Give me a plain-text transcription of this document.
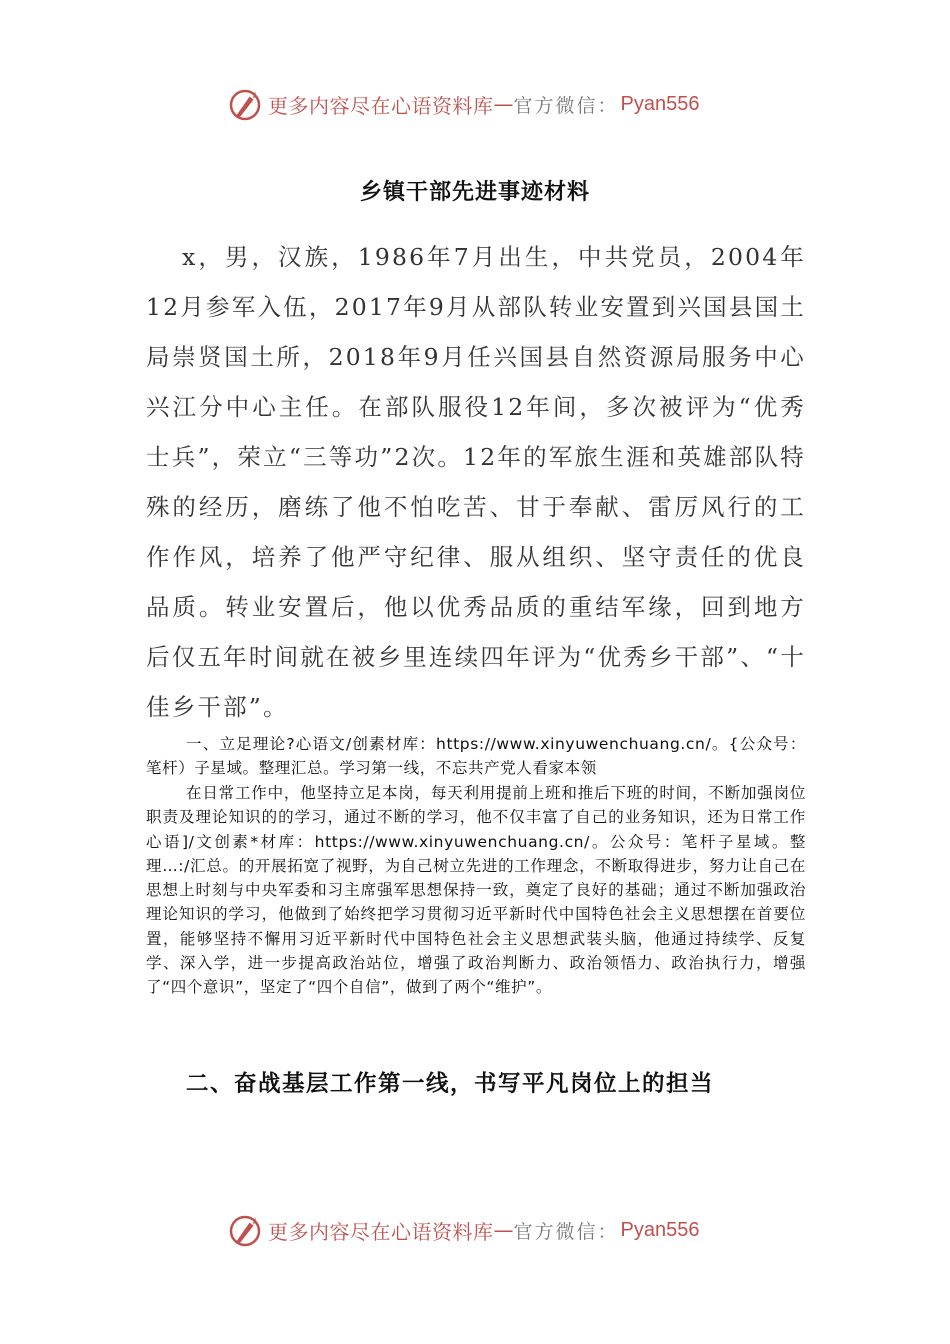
更多内容尽在心语资料库 — 官方微信： Pyan556
乡镇干部先进事迹材料

x，男，汉族，1986年7月出生，中共党员，2004年12月参军入伍，2017年9月从部队转业安置到兴国县国土局崇贤国土所，2018年9月任兴国县自然资源局服务中心兴江分中心主任。在部队服役12年间，多次被评为“优秀士兵”，荣立“三等功”2次。12年的军旅生涯和英雄部队特殊的经历，磨练了他不怕吃苦、甘于奉献、雷厉风行的工作作风，培养了他严守纪律、服从组织、坚守责任的优良品质。转业安置后，他以优秀品质的重结军缘，回到地方后仅五年时间就在被乡里连续四年评为“优秀乡干部”、“十佳乡干部”。

一、立足理论?心语文/创素材库：https://www.xinyuwenchuang.cn/。{公众号：笔杆）子星域。整理汇总。学习第一线，不忘共产党人看家本领

在日常工作中，他坚持立足本岗，每天利用提前上班和推后下班的时间，不断加强岗位职责及理论知识的的学习，通过不断的学习，他不仅丰富了自己的业务知识，还为日常工作心语]/文创素*材库：https://www.xinyuwenchuang.cn/。公众号：笔杆子星域。整理…:/汇总。的开展拓宽了视野，为自己树立先进的工作理念，不断取得进步，努力让自己在思想上时刻与中央军委和习主席强军思想保持一致，奠定了良好的基础；通过不断加强政治理论知识的学习，他做到了始终把学习贯彻习近平新时代中国特色社会主义思想摆在首要位置，能够坚持不懈用习近平新时代中国特色社会主义思想武装头脑，他通过持续学、反复学、深入学，进一步提高政治站位，增强了政治判断力、政治领悟力、政治执行力，增强了“四个意识”，坚定了“四个自信”，做到了两个“维护”。

二、奋战基层工作第一线，书写平凡岗位上的担当
更多内容尽在心语资料库 — 官方微信： Pyan556
